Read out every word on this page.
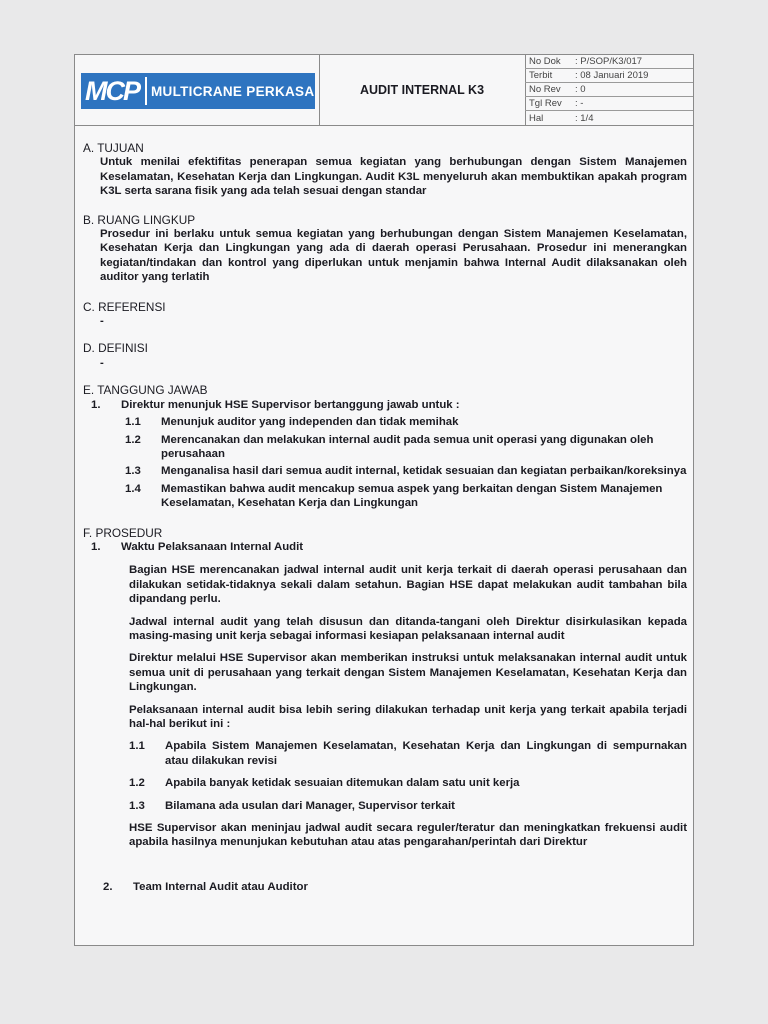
MCP MULTICRANE PERKASA	AUDIT INTERNAL K3
No Dok	: P/SOP/K3/017
Terbit	: 08 Januari 2019
No Rev	: 0
Tgl Rev	: -
Hal	: 1/4
A. TUJUAN
Untuk menilai efektifitas penerapan semua kegiatan yang berhubungan dengan Sistem Manajemen Keselamatan, Kesehatan Kerja dan Lingkungan. Audit K3L menyeluruh akan membuktikan apakah program K3L serta sarana fisik yang ada telah sesuai dengan standar
B. RUANG LINGKUP
Prosedur ini berlaku untuk semua kegiatan yang berhubungan dengan Sistem Manajemen Keselamatan, Kesehatan Kerja dan Lingkungan yang ada di daerah operasi Perusahaan. Prosedur ini menerangkan kegiatan/tindakan dan kontrol yang diperlukan untuk menjamin bahwa Internal Audit dilaksanakan oleh auditor yang terlatih
C. REFERENSI
-
D. DEFINISI
-
E. TANGGUNG JAWAB
1.	Direktur menunjuk HSE Supervisor bertanggung jawab untuk :
1.1	Menunjuk auditor yang independen dan tidak memihak
1.2	Merencanakan dan melakukan internal audit pada semua unit operasi yang digunakan oleh perusahaan
1.3	Menganalisa hasil dari semua audit internal, ketidak sesuaian dan kegiatan perbaikan/koreksinya
1.4	Memastikan bahwa audit mencakup semua aspek yang berkaitan dengan Sistem Manajemen Keselamatan, Kesehatan Kerja dan Lingkungan
F. PROSEDUR
1.	Waktu Pelaksanaan Internal Audit
Bagian HSE merencanakan jadwal internal audit unit kerja terkait di daerah operasi perusahaan dan dilakukan setidak-tidaknya sekali dalam setahun. Bagian HSE dapat melakukan audit tambahan bila dipandang perlu.
Jadwal internal audit yang telah disusun dan ditanda-tangani oleh Direktur disirkulasikan kepada masing-masing unit kerja sebagai informasi kesiapan pelaksanaan internal audit
Direktur melalui HSE Supervisor akan memberikan instruksi untuk melaksanakan internal audit untuk semua unit di perusahaan yang terkait dengan Sistem Manajemen Keselamatan, Kesehatan Kerja dan Lingkungan.
Pelaksanaan internal audit bisa lebih sering dilakukan terhadap unit kerja yang terkait apabila terjadi hal-hal berikut ini :
1.1	Apabila Sistem Manajemen Keselamatan, Kesehatan Kerja dan Lingkungan di sempurnakan atau dilakukan revisi
1.2	Apabila banyak ketidak sesuaian ditemukan dalam satu unit kerja
1.3	Bilamana ada usulan dari Manager, Supervisor terkait
HSE Supervisor akan meninjau jadwal audit secara reguler/teratur dan meningkatkan frekuensi audit apabila hasilnya menunjukan kebutuhan atau atas pengarahan/perintah dari Direktur
2.	Team Internal Audit atau Auditor
